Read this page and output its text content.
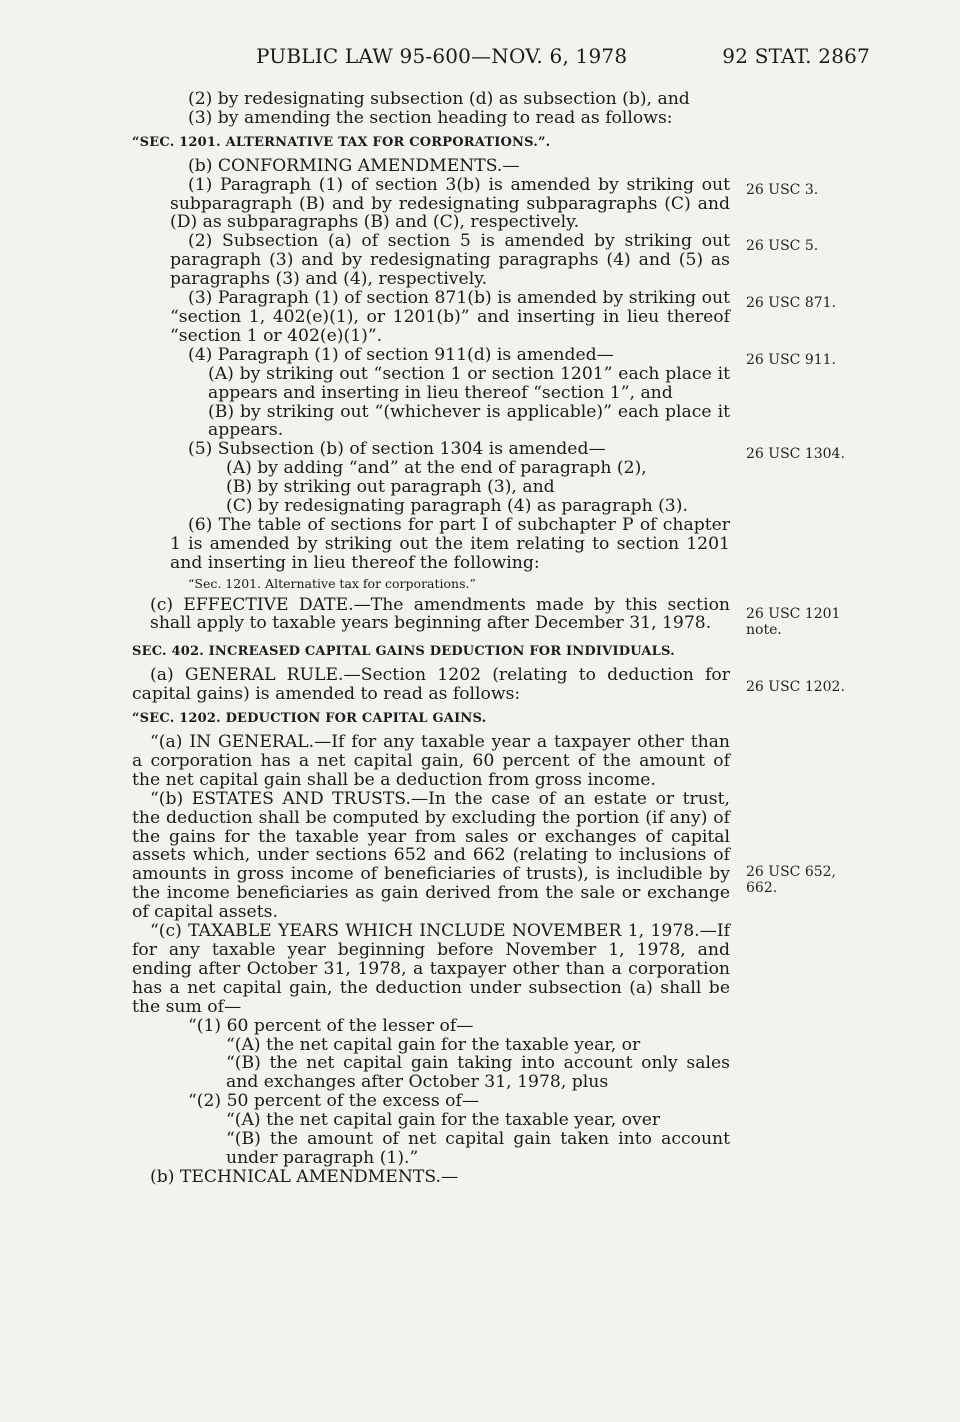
PUBLIC LAW 95-600—NOV. 6, 1978	92 STAT. 2867

(2) by redesignating subsection (d) as subsection (b), and

(3) by amending the section heading to read as follows:

“SEC. 1201. ALTERNATIVE TAX FOR CORPORATIONS.”.

(b) CONFORMING AMENDMENTS.—

(1) Paragraph (1) of section 3(b) is amended by striking out subparagraph (B) and by redesignating subparagraphs (C) and (D) as subparagraphs (B) and (C), respectively.

(2) Subsection (a) of section 5 is amended by striking out paragraph (3) and by redesignating paragraphs (4) and (5) as paragraphs (3) and (4), respectively.

(3) Paragraph (1) of section 871(b) is amended by striking out “section 1, 402(e)(1), or 1201(b)” and inserting in lieu thereof “section 1 or 402(e)(1)”.

(4) Paragraph (1) of section 911(d) is amended—

(A) by striking out “section 1 or section 1201” each place it appears and inserting in lieu thereof “section 1”, and

(B) by striking out “(whichever is applicable)” each place it appears.

(5) Subsection (b) of section 1304 is amended—

(A) by adding “and” at the end of paragraph (2),

(B) by striking out paragraph (3), and

(C) by redesignating paragraph (4) as paragraph (3).

(6) The table of sections for part I of subchapter P of chapter 1 is amended by striking out the item relating to section 1201 and inserting in lieu thereof the following:

“Sec. 1201. Alternative tax for corporations.”

(c) EFFECTIVE DATE.—The amendments made by this section shall apply to taxable years beginning after December 31, 1978.

SEC. 402. INCREASED CAPITAL GAINS DEDUCTION FOR INDIVIDUALS.

(a) GENERAL RULE.—Section 1202 (relating to deduction for capital gains) is amended to read as follows:

“SEC. 1202. DEDUCTION FOR CAPITAL GAINS.

“(a) IN GENERAL.—If for any taxable year a taxpayer other than a corporation has a net capital gain, 60 percent of the amount of the net capital gain shall be a deduction from gross income.

“(b) ESTATES AND TRUSTS.—In the case of an estate or trust, the deduction shall be computed by excluding the portion (if any) of the gains for the taxable year from sales or exchanges of capital assets which, under sections 652 and 662 (relating to inclusions of amounts in gross income of beneficiaries of trusts), is includible by the income beneficiaries as gain derived from the sale or exchange of capital assets.

“(c) TAXABLE YEARS WHICH INCLUDE NOVEMBER 1, 1978.—If for any taxable year beginning before November 1, 1978, and ending after October 31, 1978, a taxpayer other than a corporation has a net capital gain, the deduction under subsection (a) shall be the sum of—

“(1) 60 percent of the lesser of—

“(A) the net capital gain for the taxable year, or

“(B) the net capital gain taking into account only sales and exchanges after October 31, 1978, plus

“(2) 50 percent of the excess of—

“(A) the net capital gain for the taxable year, over

“(B) the amount of net capital gain taken into account under paragraph (1).”

(b) TECHNICAL AMENDMENTS.—

26 USC 3.
26 USC 5.
26 USC 871.
26 USC 911.
26 USC 1304.
26 USC 1201 note.
26 USC 1202.
26 USC 652, 662.
